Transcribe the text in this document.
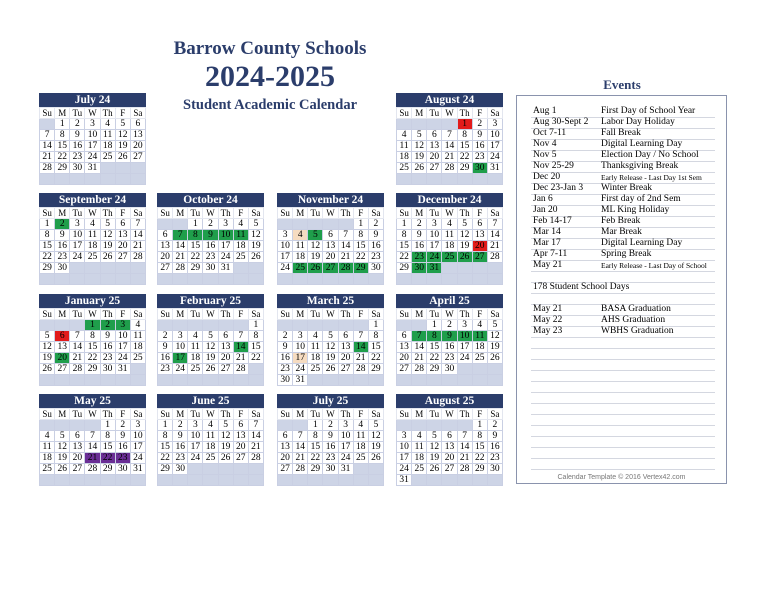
Barrow County Schools
2024-2025
Student Academic Calendar
July 24
Su	M	Tu	W	Th	F	Sa
	1	2	3	4	5	6
7	8	9	10	11	12	13
14	15	16	17	18	19	20
21	22	23	24	25	26	27
28	29	30	31			

August 24
Su	M	Tu	W	Th	F	Sa
				1	2	3
4	5	6	7	8	9	10
11	12	13	14	15	16	17
18	19	20	21	22	23	24
25	26	27	28	29	30	31

September 24
Su	M	Tu	W	Th	F	Sa
1	2	3	4	5	6	7
8	9	10	11	12	13	14
15	16	17	18	19	20	21
22	23	24	25	26	27	28
29	30					

October 24
Su	M	Tu	W	Th	F	Sa
		1	2	3	4	5
6	7	8	9	10	11	12
13	14	15	16	17	18	19
20	21	22	23	24	25	26
27	28	29	30	31		

November 24
Su	M	Tu	W	Th	F	Sa
					1	2
3	4	5	6	7	8	9
10	11	12	13	14	15	16
17	18	19	20	21	22	23
24	25	26	27	28	29	30

December 24
Su	M	Tu	W	Th	F	Sa
1	2	3	4	5	6	7
8	9	10	11	12	13	14
15	16	17	18	19	20	21
22	23	24	25	26	27	28
29	30	31				

January 25
Su	M	Tu	W	Th	F	Sa
			1	2	3	4
5	6	7	8	9	10	11
12	13	14	15	16	17	18
19	20	21	22	23	24	25
26	27	28	29	30	31	

February 25
Su	M	Tu	W	Th	F	Sa
						1
2	3	4	5	6	7	8
9	10	11	12	13	14	15
16	17	18	19	20	21	22
23	24	25	26	27	28	

March 25
Su	M	Tu	W	Th	F	Sa
						1
2	3	4	5	6	7	8
9	10	11	12	13	14	15
16	17	18	19	20	21	22
23	24	25	26	27	28	29
30	31					
April 25
Su	M	Tu	W	Th	F	Sa
		1	2	3	4	5
6	7	8	9	10	11	12
13	14	15	16	17	18	19
20	21	22	23	24	25	26
27	28	29	30			

May 25
Su	M	Tu	W	Th	F	Sa
				1	2	3
4	5	6	7	8	9	10
11	12	13	14	15	16	17
18	19	20	21	22	23	24
25	26	27	28	29	30	31

June 25
Su	M	Tu	W	Th	F	Sa
1	2	3	4	5	6	7
8	9	10	11	12	13	14
15	16	17	18	19	20	21
22	23	24	25	26	27	28
29	30					

July 25
Su	M	Tu	W	Th	F	Sa
		1	2	3	4	5
6	7	8	9	10	11	12
13	14	15	16	17	18	19
20	21	22	23	24	25	26
27	28	29	30	31		

August 25
Su	M	Tu	W	Th	F	Sa
					1	2
3	4	5	6	7	8	9
10	11	12	13	14	15	16
17	18	19	20	21	22	23
24	25	26	27	28	29	30
31						
Events
Aug 1	First Day of School Year
Aug 30-Sept 2 Labor Day Holiday
Oct 7-11	Fall Break
Nov 4	Digital Learning Day
Nov 5	Election Day / No School
Nov 25-29	Thanksgiving Break
Dec 20	Early Release - Last Day 1st Sem
Dec 23-Jan 3 Winter Break
Jan 6	First day of 2nd Sem
Jan 20	ML King Holiday
Feb 14-17	Feb Break
Mar 14	Mar Break
Mar 17	Digital Learning Day
Apr 7-11	Spring Break
May 21	Early Release - Last Day of School
178 Student School Days
May 21	BASA Graduation
May 22	AHS Graduation
May 23	WBHS Graduation
Calendar Template © 2016 Vertex42.com
